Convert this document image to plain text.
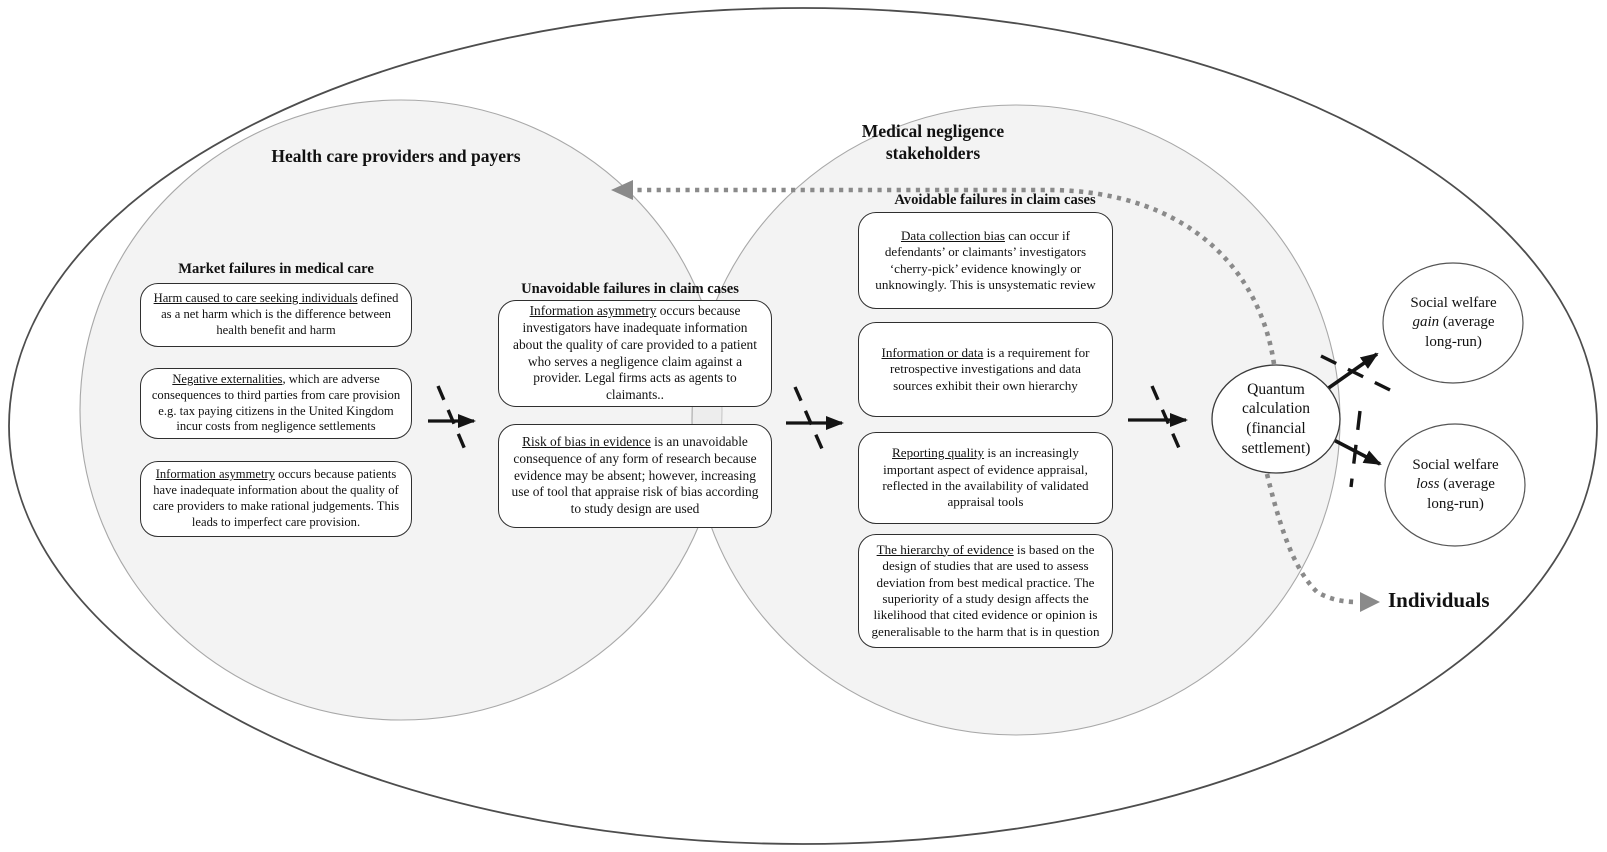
Health care providers and payers
Medical negligence stakeholders
Market failures in medical care

Harm caused to care seeking individuals defined as a net harm which is the difference between health benefit and harm

Negative externalities, which are adverse consequences to third parties from care provision e.g. tax paying citizens in the United Kingdom incur costs from negligence settlements

Information asymmetry occurs because patients have inadequate information about the quality of care providers to make rational judgements. This leads to imperfect care provision.

Unavoidable failures in claim cases

Information asymmetry occurs because investigators have inadequate information about the quality of care provided to a patient who serves a negligence claim against a provider. Legal firms acts as agents to claimants..

Risk of bias in evidence is an unavoidable consequence of any form of research because evidence may be absent; however, increasing use of tool that appraise risk of bias according to study design are used

Avoidable failures in claim cases

Data collection bias can occur if defendants’ or claimants’ investigators ‘cherry-pick’ evidence knowingly or unknowingly. This is unsystematic review

Information or data is a requirement for retrospective investigations and data sources exhibit their own hierarchy

Reporting quality is an increasingly important aspect of evidence appraisal, reflected in the availability of validated appraisal tools

The hierarchy of evidence is based on the design of studies that are used to assess deviation from best medical practice. The superiority of a study design affects the likelihood that cited evidence or opinion is generalisable to the harm that is in question

Quantum calculation (financial settlement)
Social welfare gain (average long-run)
Social welfare loss (average long-run)
Individuals
